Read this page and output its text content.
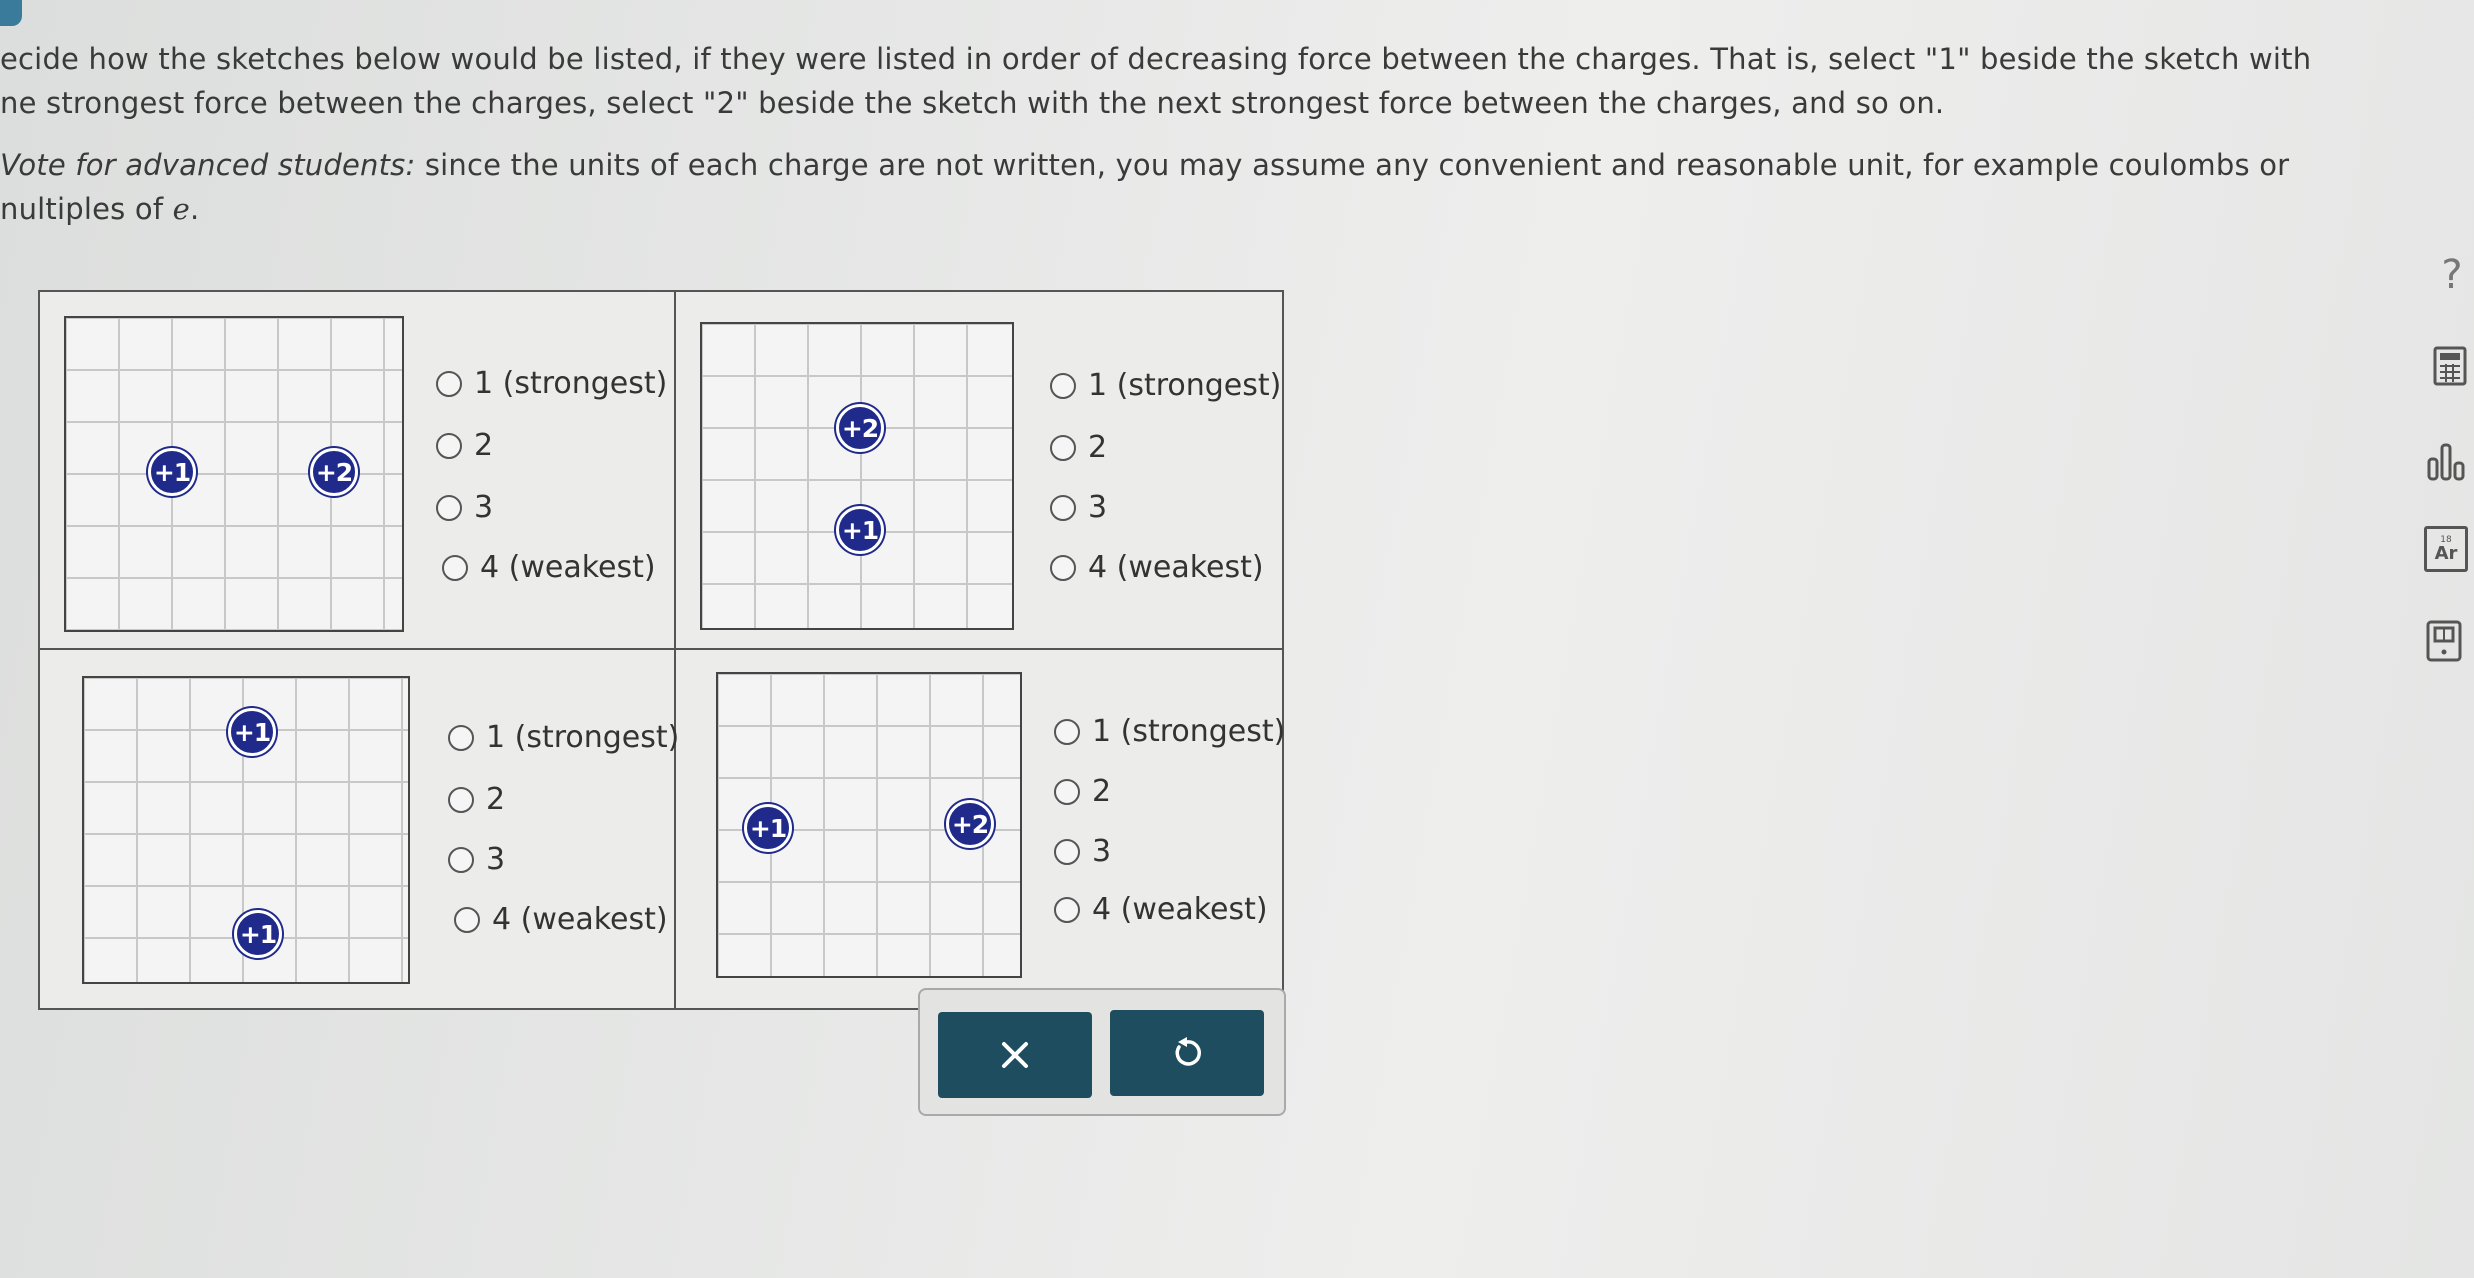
ecide how the sketches below would be listed, if they were listed in order of decreasing force between the charges. That is, select "1" beside the sketch with
ne strongest force between the charges, select "2" beside the sketch with the next strongest force between the charges, and so on.
Vote for advanced students: since the units of each charge are not written, you may assume any convenient and reasonable unit, for example coulombs or
nultiples of e.
+1	+2
1 (strongest)
2
3
4 (weakest)
+2
+1
1 (strongest)
2
3
4 (weakest)
+1
+1
1 (strongest)
2
3
4 (weakest)
+1	+2
1 (strongest)
2
3
4 (weakest)
?
18
Ar
